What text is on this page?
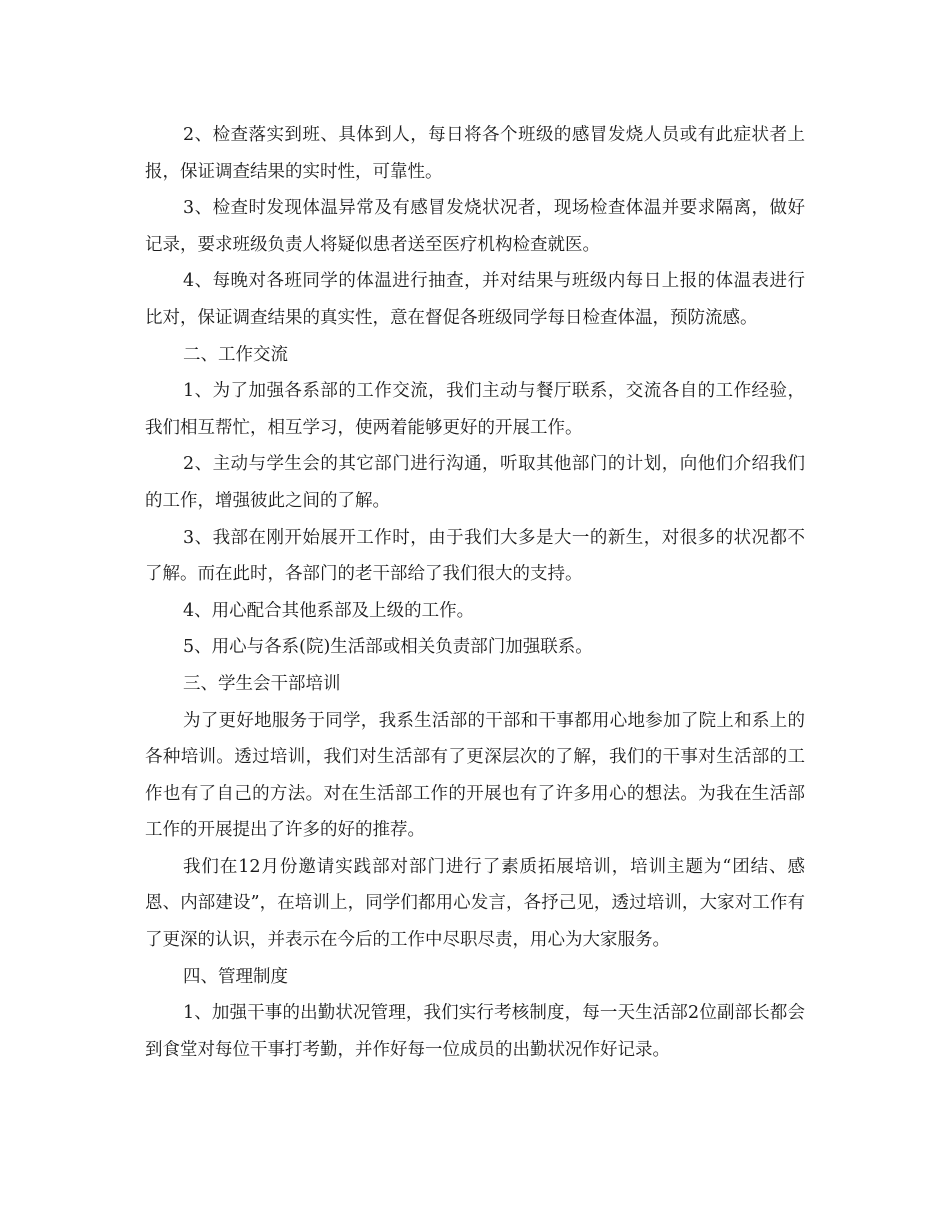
2、检查落实到班、具体到人，每日将各个班级的感冒发烧人员或有此症状者上报，保证调查结果的实时性，可靠性。

3、检查时发现体温异常及有感冒发烧状况者，现场检查体温并要求隔离，做好记录，要求班级负责人将疑似患者送至医疗机构检查就医。

4、每晚对各班同学的体温进行抽查，并对结果与班级内每日上报的体温表进行比对，保证调查结果的真实性，意在督促各班级同学每日检查体温，预防流感。

二、工作交流

1、为了加强各系部的工作交流，我们主动与餐厅联系，交流各自的工作经验，我们相互帮忙，相互学习，使两着能够更好的开展工作。

2、主动与学生会的其它部门进行沟通，听取其他部门的计划，向他们介绍我们的工作，增强彼此之间的了解。

3、我部在刚开始展开工作时，由于我们大多是大一的新生，对很多的状况都不了解。而在此时，各部门的老干部给了我们很大的支持。

4、用心配合其他系部及上级的工作。

5、用心与各系(院)生活部或相关负责部门加强联系。

三、学生会干部培训

为了更好地服务于同学，我系生活部的干部和干事都用心地参加了院上和系上的各种培训。透过培训，我们对生活部有了更深层次的了解，我们的干事对生活部的工作也有了自己的方法。对在生活部工作的开展也有了许多用心的想法。为我在生活部工作的开展提出了许多的好的推荐。

我们在12月份邀请实践部对部门进行了素质拓展培训，培训主题为“团结、感恩、内部建设”，在培训上，同学们都用心发言，各抒己见，透过培训，大家对工作有了更深的认识，并表示在今后的工作中尽职尽责，用心为大家服务。

四、管理制度

1、加强干事的出勤状况管理，我们实行考核制度，每一天生活部2位副部长都会到食堂对每位干事打考勤，并作好每一位成员的出勤状况作好记录。
